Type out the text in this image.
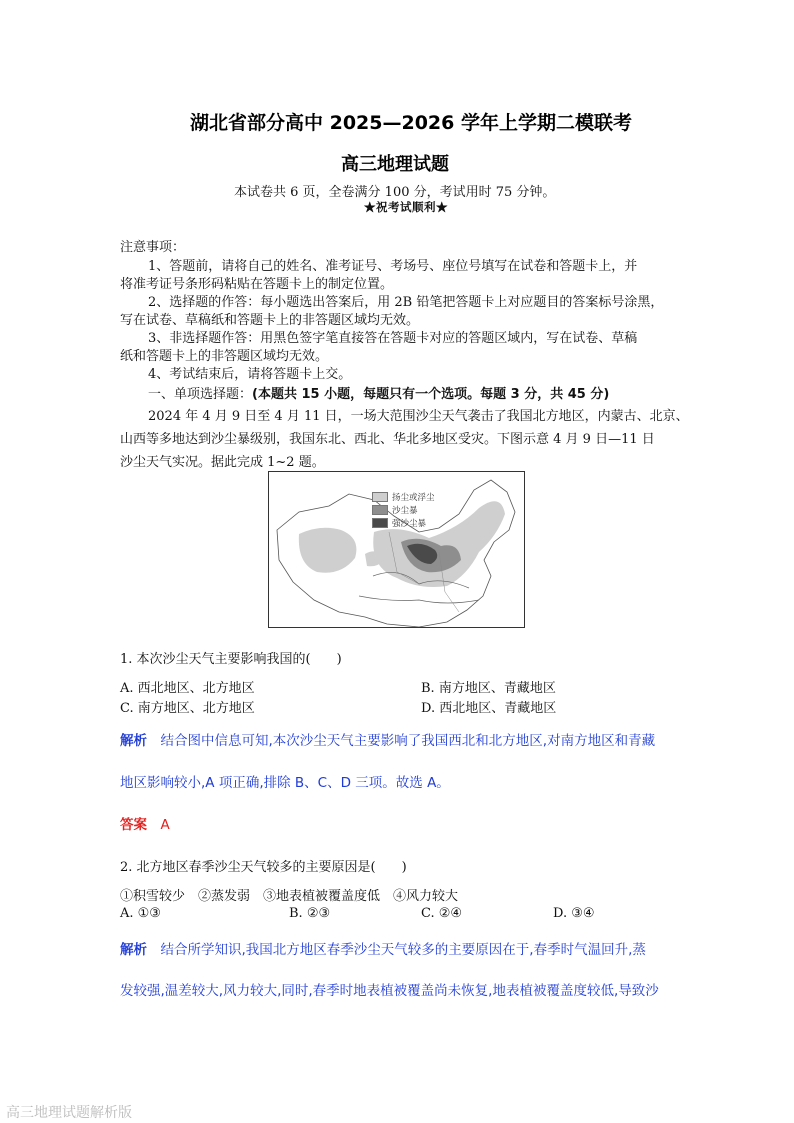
湖北省部分高中 2025—2026 学年上学期二模联考
高三地理试题
本试卷共 6 页，全卷满分 100 分，考试用时 75 分钟。
★祝考试顺利★
注意事项：
1、答题前，请将自己的姓名、准考证号、考场号、座位号填写在试卷和答题卡上，并
将准考证号条形码粘贴在答题卡上的制定位置。
2、选择题的作答：每小题选出答案后，用 2B 铅笔把答题卡上对应题目的答案标号涂黑，
写在试卷、草稿纸和答题卡上的非答题区域均无效。
3、非选择题作答：用黑色签字笔直接答在答题卡对应的答题区域内，写在试卷、草稿
纸和答题卡上的非答题区域均无效。
4、考试结束后，请将答题卡上交。
一、单项选择题：(本题共 15 小题，每题只有一个选项。每题 3 分，共 45 分)
2024 年 4 月 9 日至 4 月 11 日，一场大范围沙尘天气袭击了我国北方地区，内蒙古、北京、
山西等多地达到沙尘暴级别，我国东北、西北、华北多地区受灾。下图示意 4 月 9 日—11 日
沙尘天气实况。据此完成 1~2 题。
扬尘或浮尘
沙尘暴
强沙尘暴
1. 本次沙尘天气主要影响我国的(　　)
A. 西北地区、北方地区	B. 南方地区、青藏地区
C. 南方地区、北方地区	D. 西北地区、青藏地区
解析　 结合图中信息可知,本次沙尘天气主要影响了我国西北和北方地区,对南方地区和青藏
地区影响较小,A 项正确,排除 B、C、D 三项。故选 A。
答案　 A
2. 北方地区春季沙尘天气较多的主要原因是(　　)
①积雪较少　②蒸发弱　③地表植被覆盖度低　④风力较大
A. ①③	B. ②③	C. ②④	D. ③④
解析　 结合所学知识,我国北方地区春季沙尘天气较多的主要原因在于,春季时气温回升,蒸
发较强,温差较大,风力较大,同时,春季时地表植被覆盖尚未恢复,地表植被覆盖度较低,导致沙
高三地理试题解析版
